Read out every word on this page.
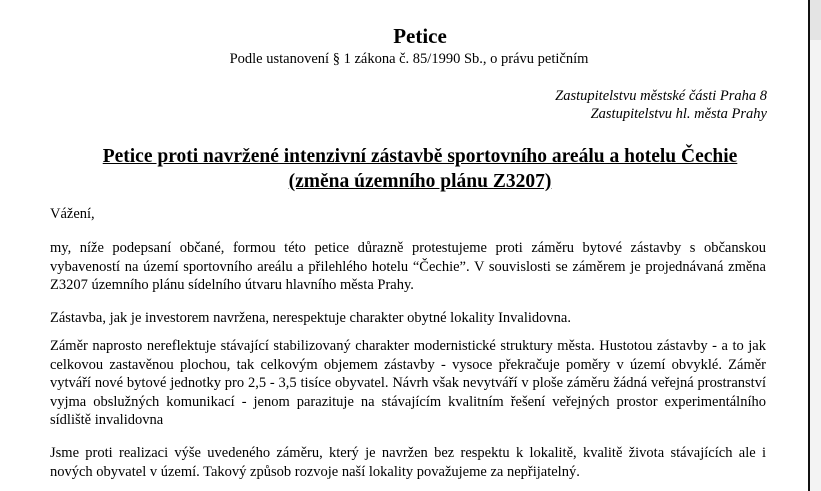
Petice

Podle ustanovení § 1 zákona č. 85/1990 Sb., o právu petičním

Zastupitelstvu městské části Praha 8
Zastupitelstvu hl. města Prahy
Petice proti navržené intenzivní zástavbě sportovního areálu a hotelu Čechie
(změna územního plánu Z3207)

Vážení,

my, níže podepsaní občané, formou této petice důrazně protestujeme proti záměru bytové zástavby s občanskou vybaveností na území sportovního areálu a přilehlého hotelu “Čechie”. V souvislosti se záměrem je projednávaná změna Z3207 územního plánu sídelního útvaru hlavního města Prahy.

Zástavba, jak je investorem navržena, nerespektuje charakter obytné lokality Invalidovna.

Záměr naprosto nereflektuje stávající stabilizovaný charakter modernistické struktury města. Hustotou zástavby - a to jak celkovou zastavěnou plochou, tak celkovým objemem zástavby - vysoce překračuje poměry v území obvyklé. Záměr vytváří nové bytové jednotky pro 2,5 - 3,5 tisíce obyvatel. Návrh však nevytváří v ploše záměru žádná veřejná prostranství vyjma obslužných komunikací - jenom parazituje na stávajícím kvalitním řešení veřejných prostor experimentálního sídliště invalidovna

Jsme proti realizaci výše uvedeného záměru, který je navržen bez respektu k lokalitě, kvalitě života stávajících ale i nových obyvatel v území. Takový způsob rozvoje naší lokality považujeme za nepřijatelný.
